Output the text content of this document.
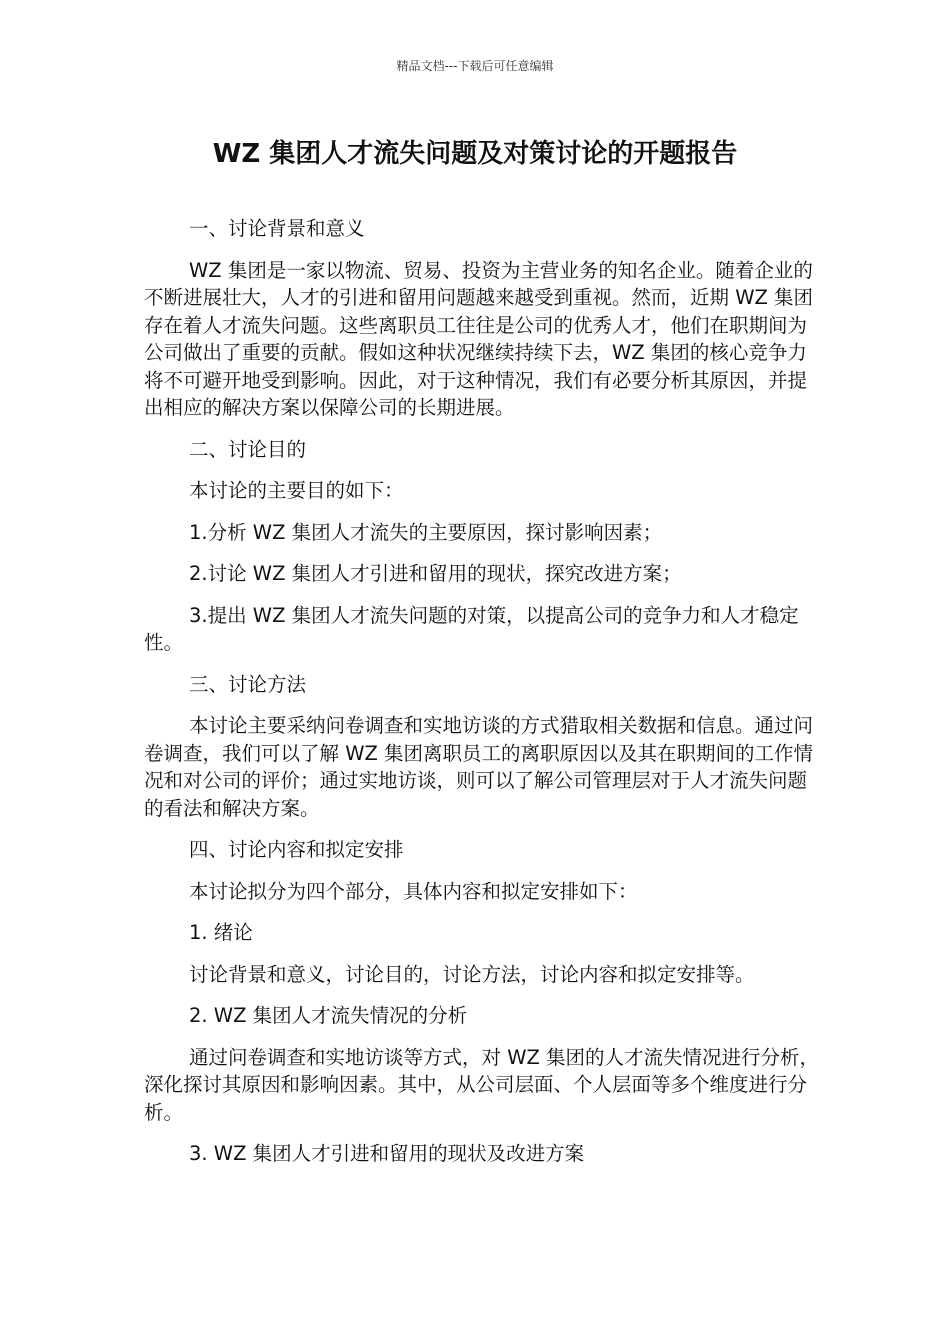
精品文档---下载后可任意编辑
WZ 集团人才流失问题及对策讨论的开题报告

一、讨论背景和意义

WZ 集团是一家以物流、贸易、投资为主营业务的知名企业。随着企业的不断进展壮大，人才的引进和留用问题越来越受到重视。然而，近期 WZ 集团存在着人才流失问题。这些离职员工往往是公司的优秀人才，他们在职期间为公司做出了重要的贡献。假如这种状况继续持续下去，WZ 集团的核心竞争力将不可避开地受到影响。因此，对于这种情况，我们有必要分析其原因，并提出相应的解决方案以保障公司的长期进展。

二、讨论目的

本讨论的主要目的如下：

1.分析 WZ 集团人才流失的主要原因，探讨影响因素；

2.讨论 WZ 集团人才引进和留用的现状，探究改进方案；

3.提出 WZ 集团人才流失问题的对策，以提高公司的竞争力和人才稳定性。

三、讨论方法

本讨论主要采纳问卷调查和实地访谈的方式猎取相关数据和信息。通过问卷调查，我们可以了解 WZ 集团离职员工的离职原因以及其在职期间的工作情况和对公司的评价；通过实地访谈，则可以了解公司管理层对于人才流失问题的看法和解决方案。

四、讨论内容和拟定安排

本讨论拟分为四个部分，具体内容和拟定安排如下：

1. 绪论

讨论背景和意义，讨论目的，讨论方法，讨论内容和拟定安排等。

2. WZ 集团人才流失情况的分析

通过问卷调查和实地访谈等方式，对 WZ 集团的人才流失情况进行分析，深化探讨其原因和影响因素。其中，从公司层面、个人层面等多个维度进行分析。

3. WZ 集团人才引进和留用的现状及改进方案
